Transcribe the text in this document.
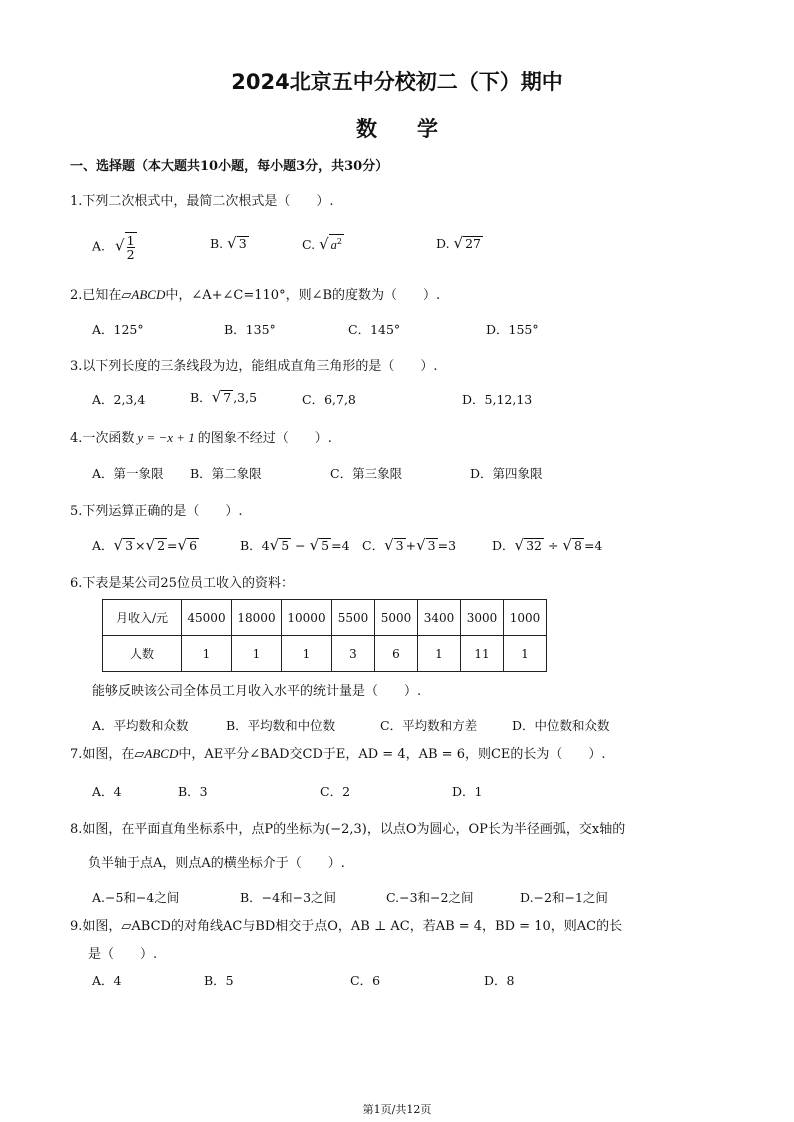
2024北京五中分校初二（下）期中
数学
一、选择题（本大题共10小题，每小题3分，共30分）
1.下列二次根式中，最简二次根式是（　　）.
A. √ $\frac{1}{2}$	B. √ 3	C. √ $a^2$	D. √ 27
2.已知在▱ABCD中，∠A+∠C=110°，则∠B的度数为（　　）.
A．125°	B．135°	C．145°	D．155°
3.以下列长度的三条线段为边，能组成直角三角形的是（　　）.
A．2,3,4	B．√ 7 ,3,5	C．6,7,8	D．5,12,13
4.一次函数 y = −x + 1 的图象不经过（　　）.
A．第一象限 B．第二象限	C．第三象限	D．第四象限
5.下列运算正确的是（　　）.
A．√ 3 ×√ 2 =√ 6	B．4√ 5 − √ 5 =4 C．√ 3 +√ 3 =3	D．√ 32 ÷ √ 8 =4
6.下表是某公司25位员工收入的资料：
月收入/元	45000	18000	10000	5500	5000	3400	3000	1000
人数	1	1	1	3	6	1	11	1
能够反映该公司全体员工月收入水平的统计量是（　　）.
A．平均数和众数	B．平均数和中位数	C．平均数和方差	D．中位数和众数
7.如图，在▱ABCD中，AE平分∠BAD交CD于E，AD = 4，AB = 6，则CE的长为（　　）.
A．4	B．3	C．2	D．1
8.如图，在平面直角坐标系中，点P的坐标为(−2,3)，以点O为圆心，OP长为半径画弧，交x轴的
负半轴于点A，则点A的横坐标介于（　　）.
A.−5和−4之间	B．−4和−3之间	C.−3和−2之间	D.−2和−1之间
9.如图，▱ABCD的对角线AC与BD相交于点O，AB ⊥ AC，若AB = 4，BD = 10，则AC的长
是（　　）.
A．4	B．5	C．6	D．8
第1页/共12页
